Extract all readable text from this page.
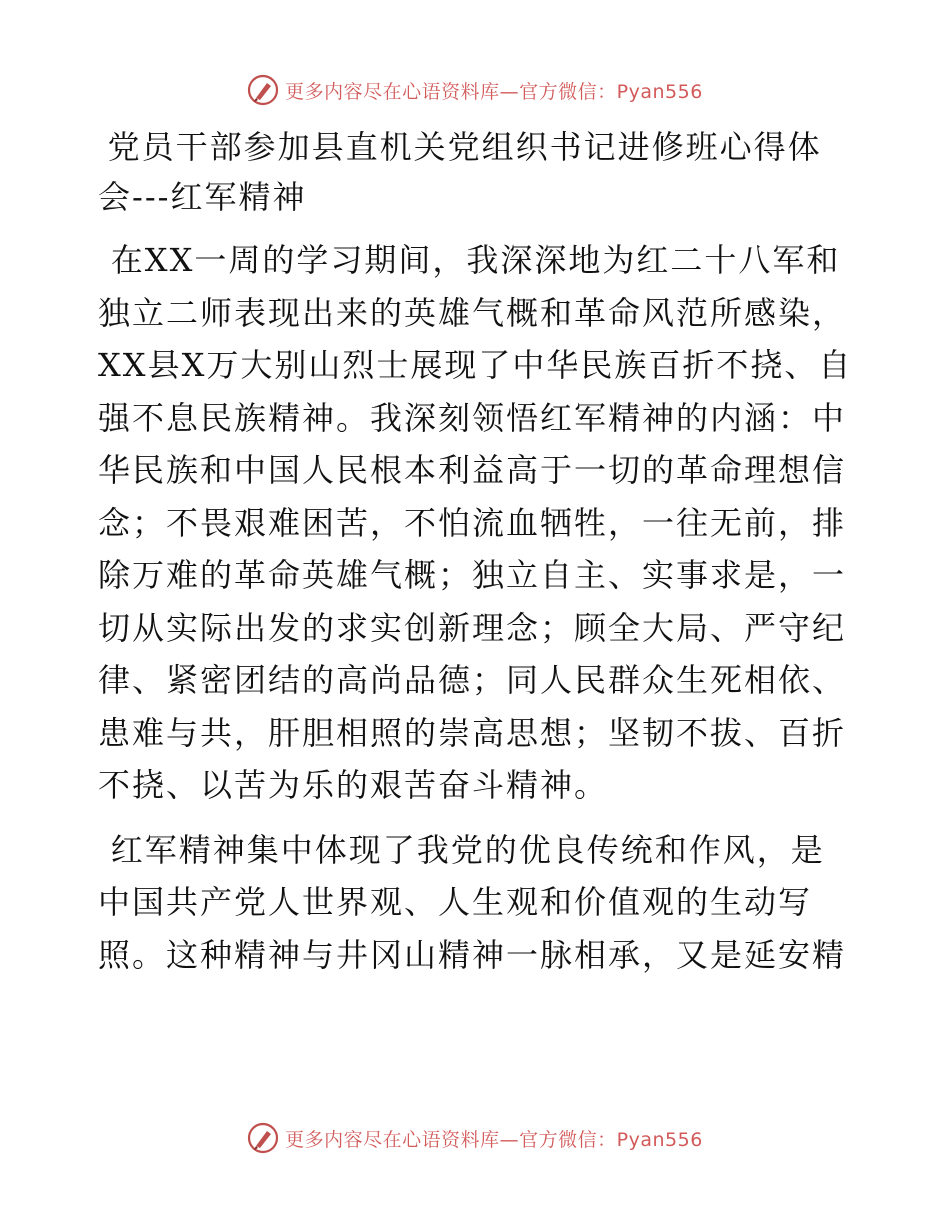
更多内容尽在心语资料库—官方微信：Pyan556
党员干部参加县直机关党组织书记进修班心得体会---红军精神

在XX一周的学习期间，我深深地为红二十八军和独立二师表现出来的英雄气概和革命风范所感染，XX县X万大别山烈士展现了中华民族百折不挠、自强不息民族精神。我深刻领悟红军精神的内涵：中华民族和中国人民根本利益高于一切的革命理想信念；不畏艰难困苦，不怕流血牺牲，一往无前，排除万难的革命英雄气概；独立自主、实事求是，一切从实际出发的求实创新理念；顾全大局、严守纪律、紧密团结的高尚品德；同人民群众生死相依、患难与共，肝胆相照的崇高思想；坚韧不拔、百折不挠、以苦为乐的艰苦奋斗精神。

红军精神集中体现了我党的优良传统和作风，是中国共产党人世界观、人生观和价值观的生动写照。这种精神与井冈山精神一脉相承，又是延安精

更多内容尽在心语资料库—官方微信：Pyan556
